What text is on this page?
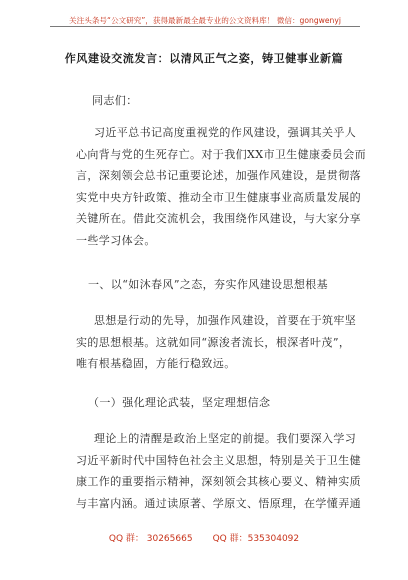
关注头条号“公文研究”，获得最新最全最专业的公文资料库！ 微信：gongwenyj
作风建设交流发言：以清风正气之姿，铸卫健事业新篇
同志们：
习近平总书记高度重视党的作风建设，强调其关乎人
心向背与党的生死存亡。对于我们XX市卫生健康委员会而
言，深刻领会总书记重要论述，加强作风建设，是贯彻落
实党中央方针政策、推动全市卫生健康事业高质量发展的
关键所在。借此交流机会，我围绕作风建设，与大家分享
一些学习体会。
一、以“如沐春风”之态，夯实作风建设思想根基
思想是行动的先导，加强作风建设，首要在于筑牢坚
实的思想根基。这就如同“源浚者流长，根深者叶茂”，
唯有根基稳固，方能行稳致远。
（一）强化理论武装，坚定理想信念
理论上的清醒是政治上坚定的前提。我们要深入学习
习近平新时代中国特色社会主义思想，特别是关于卫生健
康工作的重要指示精神，深刻领会其核心要义、精神实质
与丰富内涵。通过读原著、学原文、悟原理，在学懂弄通
QQ 群： 30265665 QQ 群：535304092
